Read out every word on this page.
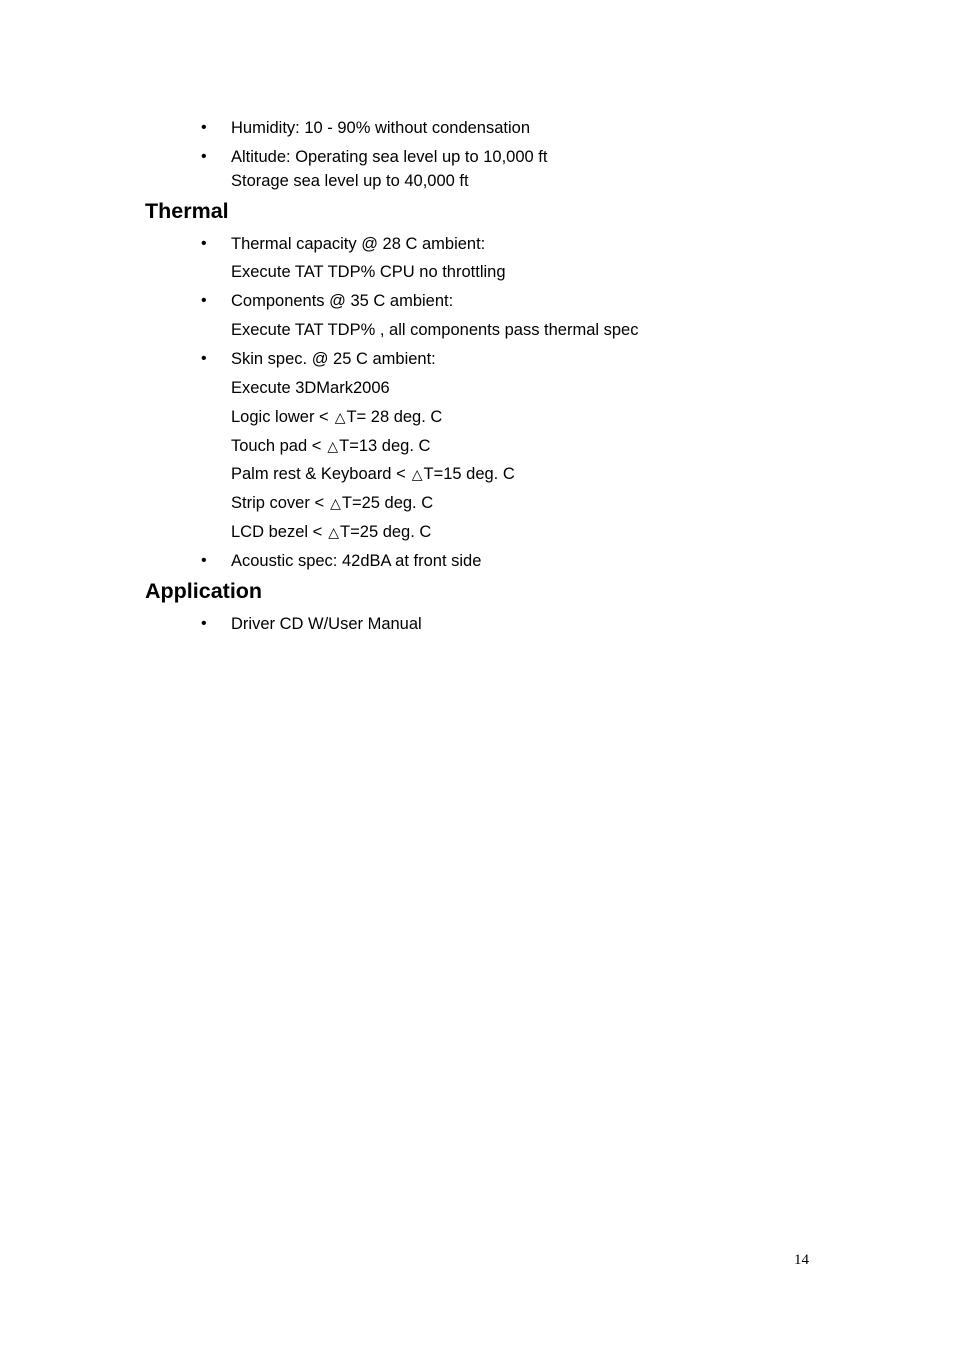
• Humidity: 10 - 90% without condensation
• Altitude: Operating sea level up to 10,000 ft
Storage sea level up to 40,000 ft
Thermal
• Thermal capacity @ 28 C ambient:
Execute TAT TDP% CPU no throttling
• Components @ 35 C ambient:
Execute TAT TDP% , all components pass thermal spec
• Skin spec. @ 25 C ambient:
Execute 3DMark2006
Logic lower < △T= 28 deg. C
Touch pad < △T=13 deg. C
Palm rest & Keyboard < △T=15 deg. C
Strip cover < △T=25 deg. C
LCD bezel < △T=25 deg. C
• Acoustic spec: 42dBA at front side
Application
• Driver CD W/User Manual
14
